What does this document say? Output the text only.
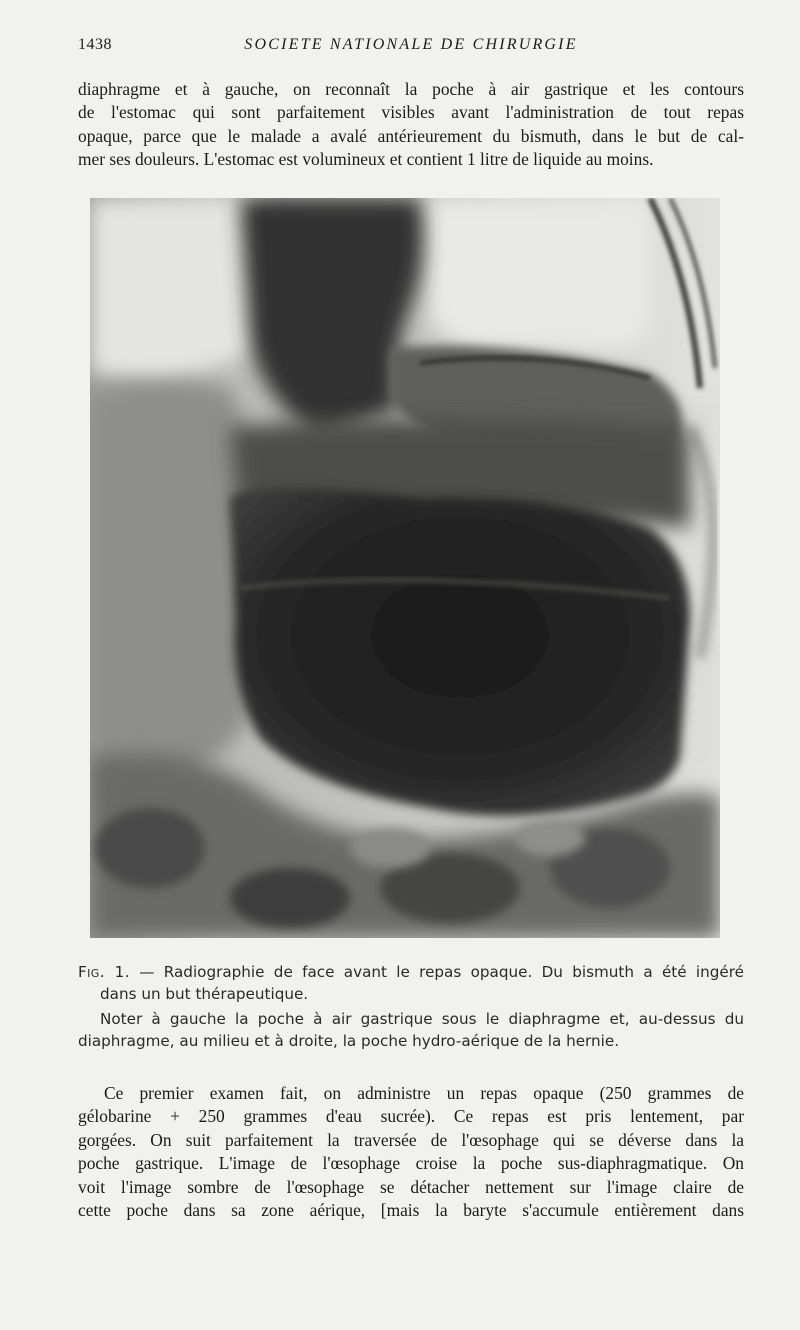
1438	SOCIETE NATIONALE DE CHIRURGIE

diaphragme et à gauche, on reconnaît la poche à air gastrique et les contours
de l'estomac qui sont parfaitement visibles avant l'administration de tout repas
opaque, parce que le malade a avalé antérieurement du bismuth, dans le but de cal-
mer ses douleurs. L'estomac est volumineux et contient 1 litre de liquide au moins.

Fig. 1. — Radiographie de face avant le repas opaque. Du bismuth a été ingéré
dans un but thérapeutique.
Noter à gauche la poche à air gastrique sous le diaphragme et, au-dessus du
diaphragme, au milieu et à droite, la poche hydro-aérique de la hernie.

Ce premier examen fait, on administre un repas opaque (250 grammes de
gélobarine + 250 grammes d'eau sucrée). Ce repas est pris lentement, par
gorgées. On suit parfaitement la traversée de l'œsophage qui se déverse dans la
poche gastrique. L'image de l'œsophage croise la poche sus-diaphragmatique. On
voit l'image sombre de l'œsophage se détacher nettement sur l'image claire de
cette poche dans sa zone aérique, [mais la baryte s'accumule entièrement dans
